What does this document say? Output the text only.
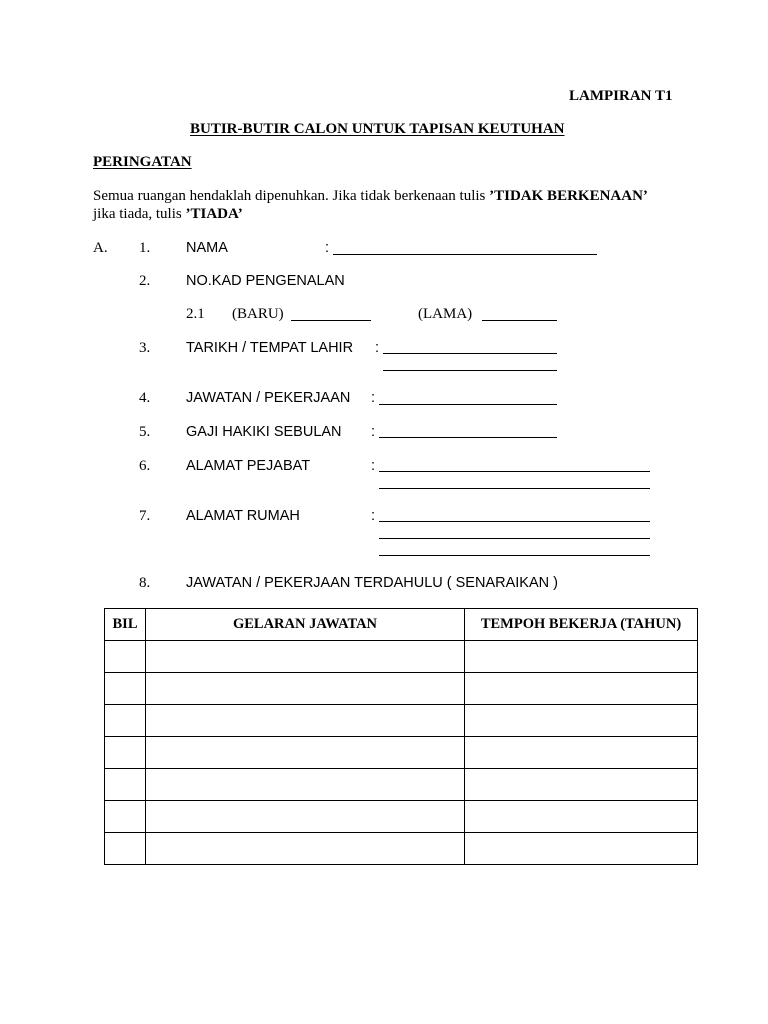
LAMPIRAN T1
BUTIR-BUTIR CALON UNTUK TAPISAN KEUTUHAN
PERINGATAN
Semua ruangan hendaklah dipenuhkan. Jika tidak berkenaan tulis ’TIDAK BERKENAAN’
jika tiada, tulis ’TIADA’
A. 1. NAMA	:
2. NO.KAD PENGENALAN
2.1 (BARU)	(LAMA)
3. TARIKH / TEMPAT LAHIR :
4. JAWATAN / PEKERJAAN :
5. GAJI HAKIKI SEBULAN :
6. ALAMAT PEJABAT	:
7. ALAMAT RUMAH	:
8. JAWATAN / PEKERJAAN TERDAHULU ( SENARAIKAN )
BIL	GELARAN JAWATAN	TEMPOH BEKERJA (TAHUN)
